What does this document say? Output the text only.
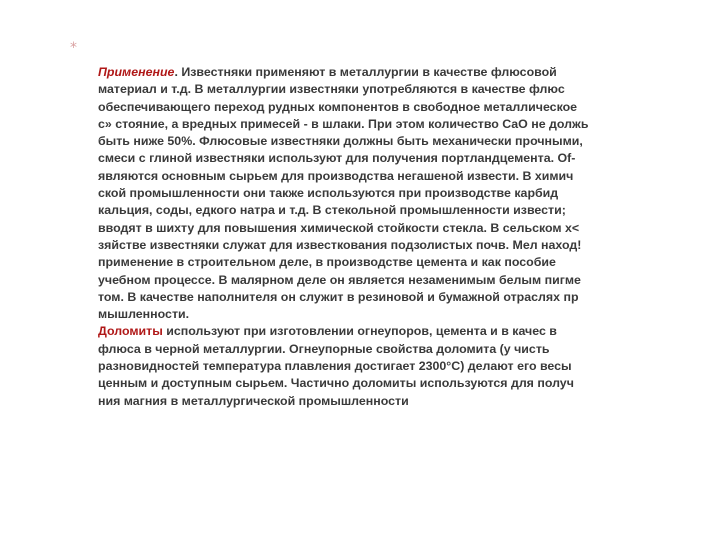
*
Применение. Известняки применяют в металлургии в качестве флюсовой
материал и т.д. В металлургии известняки употребляются в качестве флюс
обеспечивающего переход рудных компонентов в свободное металлическое
с» стояние, а вредных примесей - в шлаки. При этом количество CaO не должь
быть ниже 50%. Флюсовые известняки должны быть механически прочными,
смеси с глиной известняки используют для получения портландцемента. Of-
являются основным сырьем для производства негашеной извести. В химич
ской промышленности они также используются при производстве карбид
кальция, соды, едкого натра и т.д. В стекольной промышленности извести;
вводят в шихту для повышения химической стойкости стекла. В сельском х<
зяйстве известняки служат для известкования подзолистых почв. Мел наход!
применение в строительном деле, в производстве цемента и как пособие
учебном процессе. В малярном деле он является незаменимым белым пигме
том. В качестве наполнителя он служит в резиновой и бумажной отраслях пр
мышленности.
Доломиты используют при изготовлении огнеупоров, цемента и в качес в
флюса в черной металлургии. Огнеупорные свойства доломита (у чисть
разновидностей температура плавления достигает 2300°С) делают его весы
ценным и доступным сырьем. Частично доломиты используются для получ
ния магния в металлургической промышленности
